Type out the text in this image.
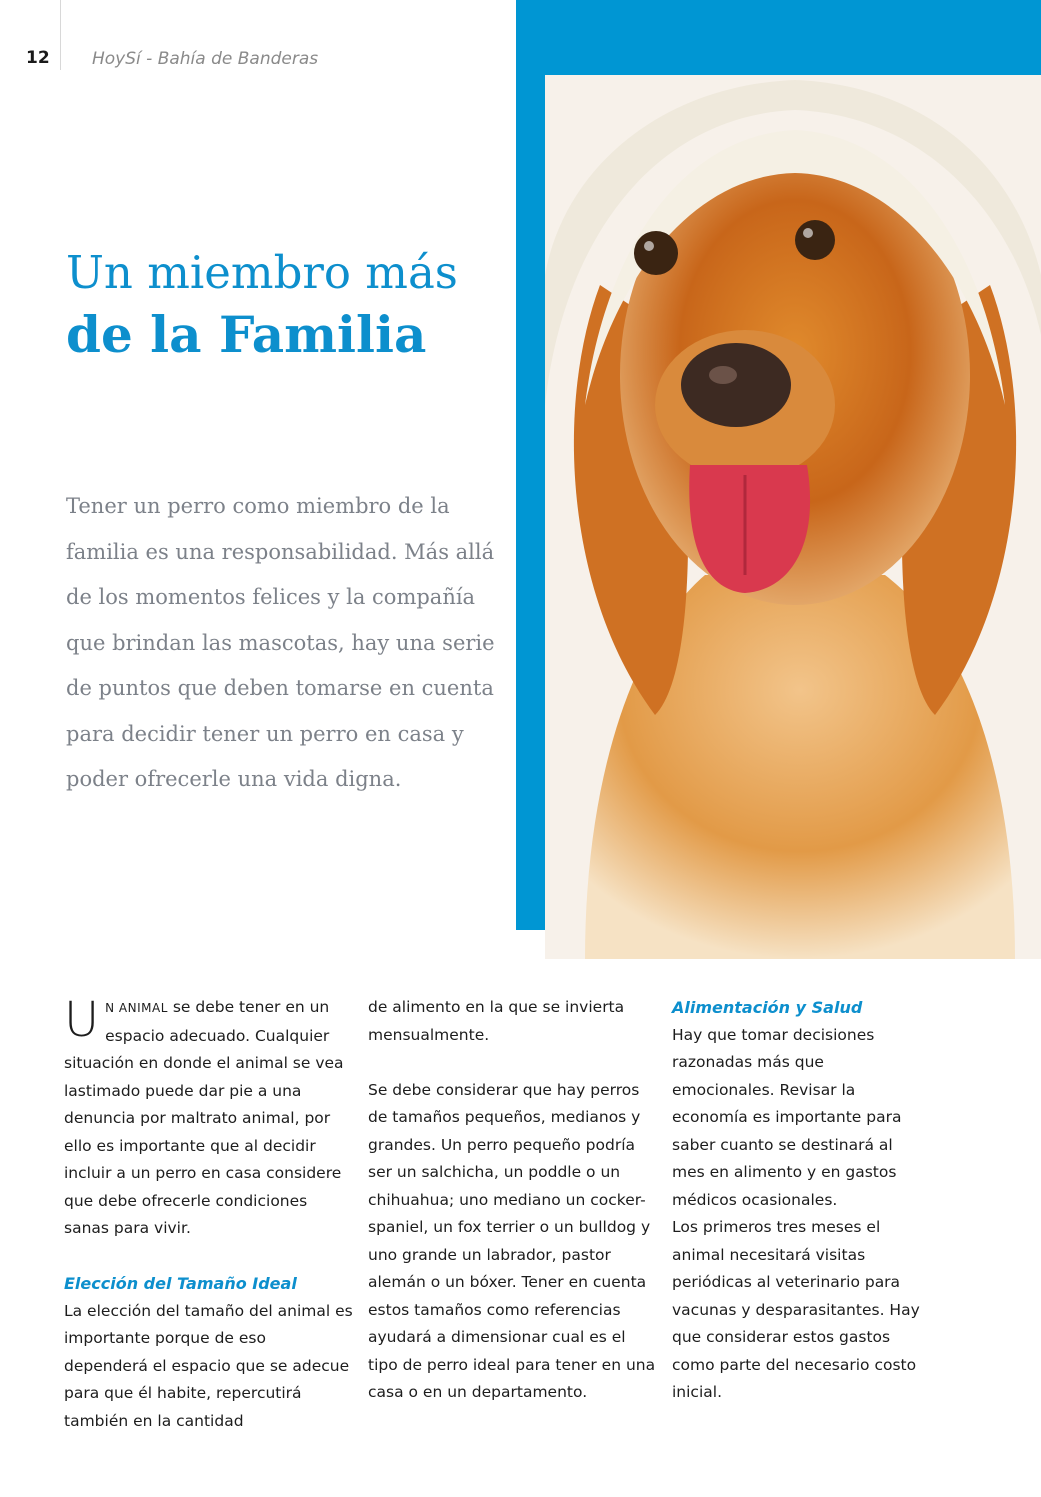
12 HoySí - Bahía de Banderas
Un miembro más
de la Familia

Tener un perro como miembro de la familia es una responsabilidad. Más allá de los momentos felices y la compañía que brindan las mascotas, hay una serie de puntos que deben tomarse en cuenta para decidir tener un perro en casa y poder ofrecerle una vida digna.

UN ANIMAL se debe tener en un espacio adecuado. Cualquier situación en donde el animal se vea lastimado puede dar pie a una denuncia por maltrato animal, por ello es importante que al decidir incluir a un perro en casa considere que debe ofrecerle condiciones sanas para vivir.

Elección del Tamaño Ideal

La elección del tamaño del animal es importante porque de eso dependerá el espacio que se adecue para que él habite, repercutirá también en la cantidad

de alimento en la que se invierta mensualmente.

Se debe considerar que hay perros de tamaños pequeños, medianos y grandes. Un perro pequeño podría ser un salchicha, un poddle o un chihuahua; uno mediano un cocker-spaniel, un fox terrier o un bulldog y uno grande un labrador, pastor alemán o un bóxer. Tener en cuenta estos tamaños como referencias ayudará a dimensionar cual es el tipo de perro ideal para tener en una casa o en un departamento.

Alimentación y Salud

Hay que tomar decisiones razonadas más que emocionales. Revisar la economía es importante para saber cuanto se destinará al mes en alimento y en gastos médicos ocasionales.

Los primeros tres meses el animal necesitará visitas periódicas al veterinario para vacunas y desparasitantes. Hay que considerar estos gastos como parte del necesario costo inicial.
